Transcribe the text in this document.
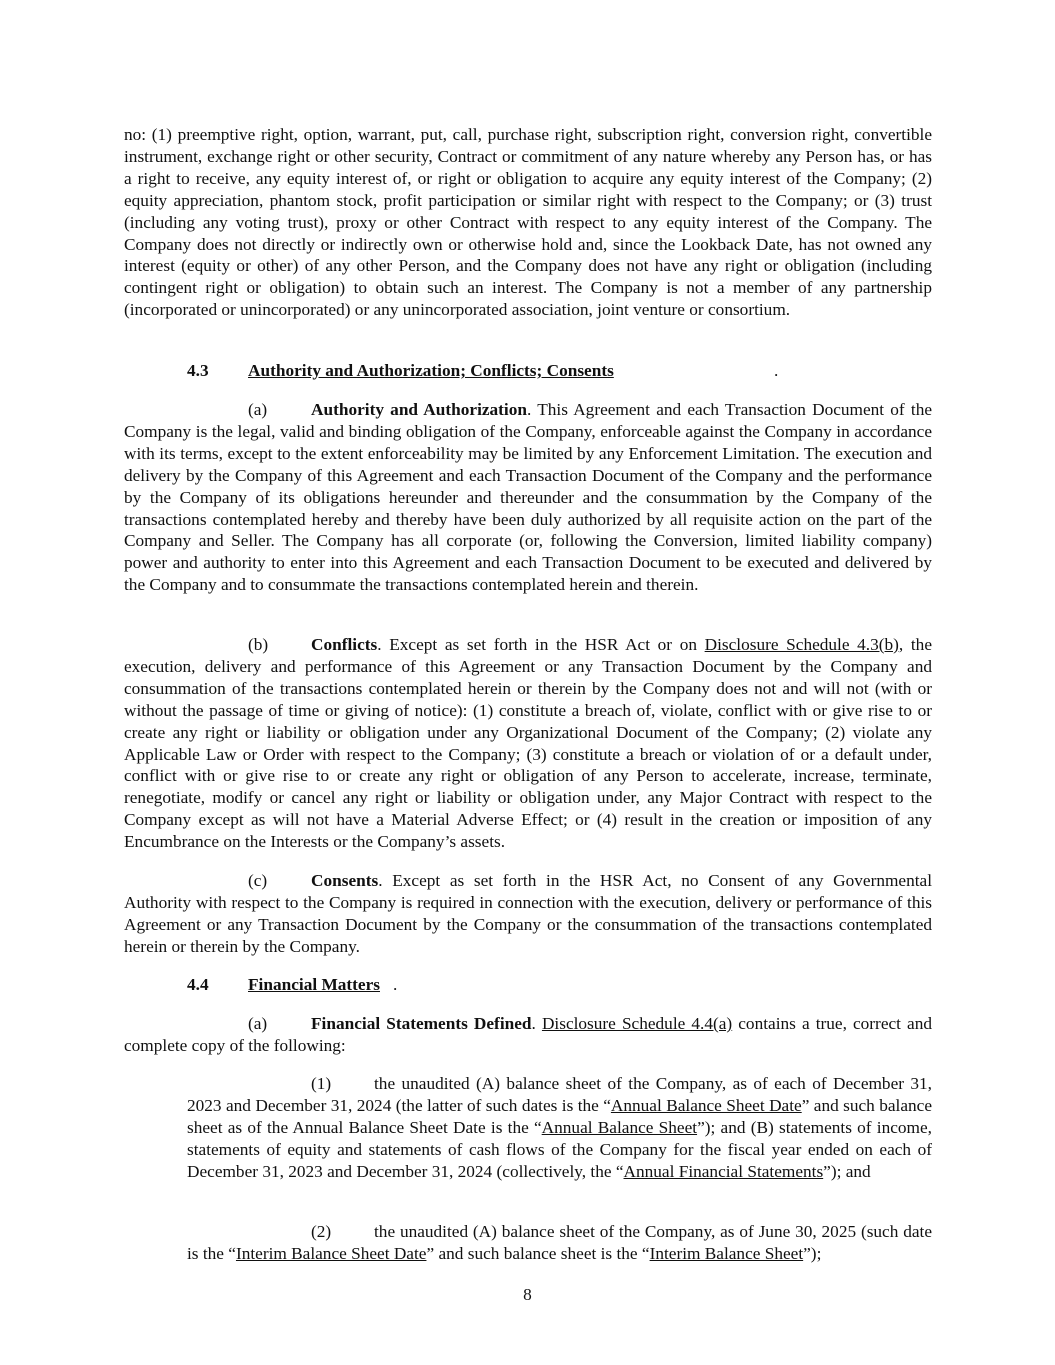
no: (1) preemptive right, option, warrant, put, call, purchase right, subscription right, conversion right, convertible instrument, exchange right or other security, Contract or commitment of any nature whereby any Person has, or has a right to receive, any equity interest of, or right or obligation to acquire any equity interest of the Company; (2) equity appreciation, phantom stock, profit participation or similar right with respect to the Company; or (3) trust (including any voting trust), proxy or other Contract with respect to any equity interest of the Company. The Company does not directly or indirectly own or otherwise hold and, since the Lookback Date, has not owned any interest (equity or other) of any other Person, and the Company does not have any right or obligation (including contingent right or obligation) to obtain such an interest. The Company is not a member of any partnership (incorporated or unincorporated) or any unincorporated association, joint venture or consortium.

4.3 Authority and Authorization; Conflicts; Consents	.

(a)	Authority and Authorization. This Agreement and each Transaction Document of the Company is the legal, valid and binding obligation of the Company, enforceable against the Company in accordance with its terms, except to the extent enforceability may be limited by any Enforcement Limitation. The execution and delivery by the Company of this Agreement and each Transaction Document of the Company and the performance by the Company of its obligations hereunder and thereunder and the consummation by the Company of the transactions contemplated hereby and thereby have been duly authorized by all requisite action on the part of the Company and Seller. The Company has all corporate (or, following the Conversion, limited liability company) power and authority to enter into this Agreement and each Transaction Document to be executed and delivered by the Company and to consummate the transactions contemplated herein and therein.

(b) Conflicts. Except as set forth in the HSR Act or on Disclosure Schedule 4.3(b), the execution, delivery and performance of this Agreement or any Transaction Document by the Company and consummation of the transactions contemplated herein or therein by the Company does not and will not (with or without the passage of time or giving of notice): (1) constitute a breach of, violate, conflict with or give rise to or create any right or liability or obligation under any Organizational Document of the Company; (2) violate any Applicable Law or Order with respect to the Company; (3) constitute a breach or violation of or a default under, conflict with or give rise to or create any right or obligation of any Person to accelerate, increase, terminate, renegotiate, modify or cancel any right or liability or obligation under, any Major Contract with respect to the Company except as will not have a Material Adverse Effect; or (4) result in the creation or imposition of any Encumbrance on the Interests or the Company’s assets.

(c)	Consents. Except as set forth in the HSR Act, no Consent of any Governmental Authority with respect to the Company is required in connection with the execution, delivery or performance of this Agreement or any Transaction Document by the Company or the consummation of the transactions contemplated herein or therein by the Company.

4.4 Financial Matters .

(a)	Financial Statements Defined. Disclosure Schedule 4.4(a) contains a true, correct and complete copy of the following:

(1) the unaudited (A) balance sheet of the Company, as of each of December 31, 2023 and December 31, 2024 (the latter of such dates is the “Annual Balance Sheet Date” and such balance sheet as of the Annual Balance Sheet Date is the “Annual Balance Sheet”); and (B) statements of income, statements of equity and statements of cash flows of the Company for the fiscal year ended on each of December 31, 2023 and December 31, 2024 (collectively, the “Annual Financial Statements”); and

(2) the unaudited (A) balance sheet of the Company, as of June 30, 2025 (such date is the “Interim Balance Sheet Date” and such balance sheet is the “Interim Balance Sheet”);

8
